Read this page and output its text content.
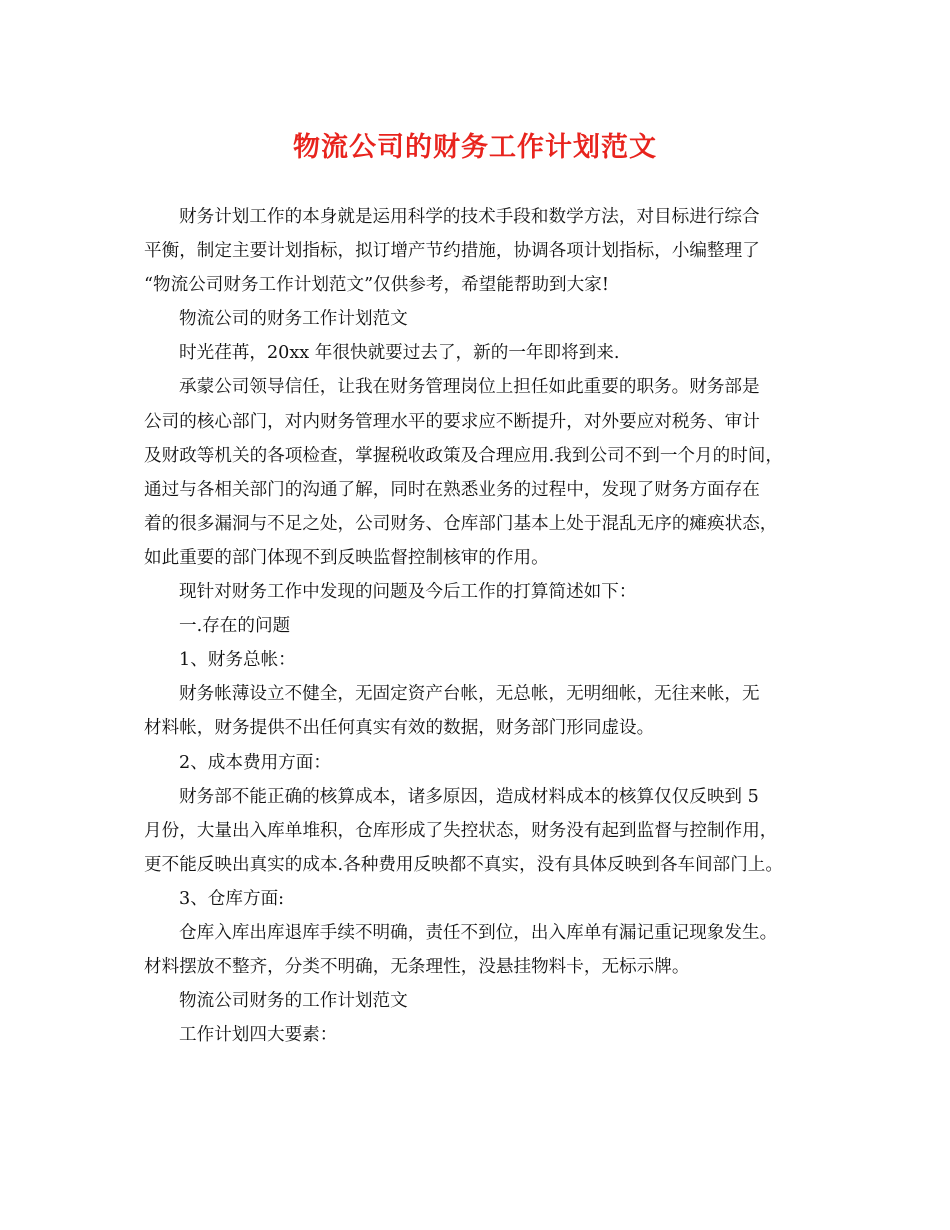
物流公司的财务工作计划范文
财务计划工作的本身就是运用科学的技术手段和数学方法，对目标进行综合
平衡，制定主要计划指标，拟订增产节约措施，协调各项计划指标，小编整理了
“物流公司财务工作计划范文”仅供参考，希望能帮助到大家!
物流公司的财务工作计划范文
时光荏苒，20xx 年很快就要过去了，新的一年即将到来.
承蒙公司领导信任，让我在财务管理岗位上担任如此重要的职务。财务部是
公司的核心部门，对内财务管理水平的要求应不断提升，对外要应对税务、审计
及财政等机关的各项检查，掌握税收政策及合理应用.我到公司不到一个月的时间，
通过与各相关部门的沟通了解，同时在熟悉业务的过程中，发现了财务方面存在
着的很多漏洞与不足之处，公司财务、仓库部门基本上处于混乱无序的瘫痪状态，
如此重要的部门体现不到反映监督控制核审的作用。
现针对财务工作中发现的问题及今后工作的打算简述如下：
一.存在的问题
1、财务总帐：
财务帐薄设立不健全，无固定资产台帐，无总帐，无明细帐，无往来帐，无
材料帐，财务提供不出任何真实有效的数据，财务部门形同虚设。
2、成本费用方面：
财务部不能正确的核算成本，诸多原因，造成材料成本的核算仅仅反映到 5
月份，大量出入库单堆积，仓库形成了失控状态，财务没有起到监督与控制作用，
更不能反映出真实的成本.各种费用反映都不真实，没有具体反映到各车间部门上。
3、仓库方面:
仓库入库出库退库手续不明确，责任不到位，出入库单有漏记重记现象发生。
材料摆放不整齐，分类不明确，无条理性，没悬挂物料卡，无标示牌。
物流公司财务的工作计划范文
工作计划四大要素：
